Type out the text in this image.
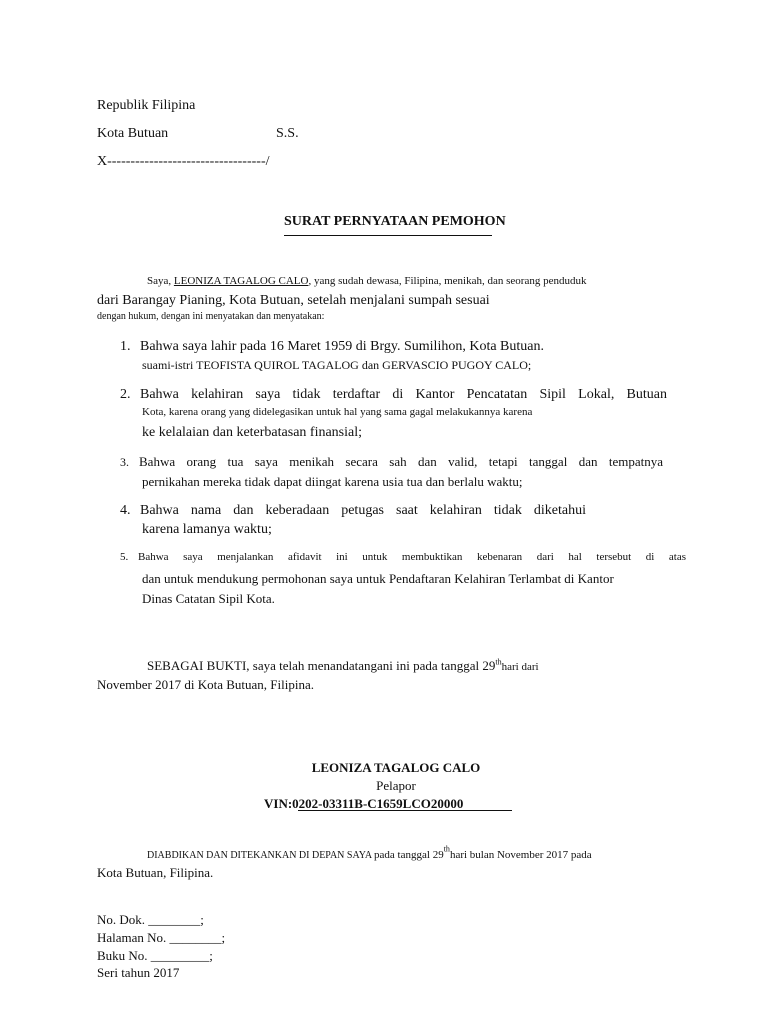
Republik Filipina
Kota Butuan	S.S.
X----------------------------------/
SURAT PERNYATAAN PEMOHON
Saya, LEONIZA TAGALOG CALO, yang sudah dewasa, Filipina, menikah, dan seorang penduduk
dari Barangay Pianing, Kota Butuan, setelah menjalani sumpah sesuai
dengan hukum, dengan ini menyatakan dan menyatakan:
1. Bahwa saya lahir pada 16 Maret 1959 di Brgy. Sumilihon, Kota Butuan.
suami-istri TEOFISTA QUIROL TAGALOG dan GERVASCIO PUGOY CALO;
2. Bahwa kelahiran saya tidak terdaftar di Kantor Pencatatan Sipil Lokal, Butuan
Kota, karena orang yang didelegasikan untuk hal yang sama gagal melakukannya karena
ke kelalaian dan keterbatasan finansial;
3. Bahwa orang tua saya menikah secara sah dan valid, tetapi tanggal dan tempatnya
pernikahan mereka tidak dapat diingat karena usia tua dan berlalu waktu;
4. Bahwa nama dan keberadaan petugas saat kelahiran tidak diketahui
karena lamanya waktu;
5. Bahwa saya menjalankan afidavit ini untuk membuktikan kebenaran dari hal tersebut di atas
dan untuk mendukung permohonan saya untuk Pendaftaran Kelahiran Terlambat di Kantor
Dinas Catatan Sipil Kota.
SEBAGAI BUKTI, saya telah menandatangani ini pada tanggal 29thhari dari
November 2017 di Kota Butuan, Filipina.
LEONIZA TAGALOG CALO
Pelapor
VIN:0202-03311B-C1659LCO20000
DIABDIKAN DAN DITEKANKAN DI DEPAN SAYA pada tanggal 29thhari bulan November 2017 pada
Kota Butuan, Filipina.
No. Dok. ________;
Halaman No. ________;
Buku No. _________;
Seri tahun 2017
